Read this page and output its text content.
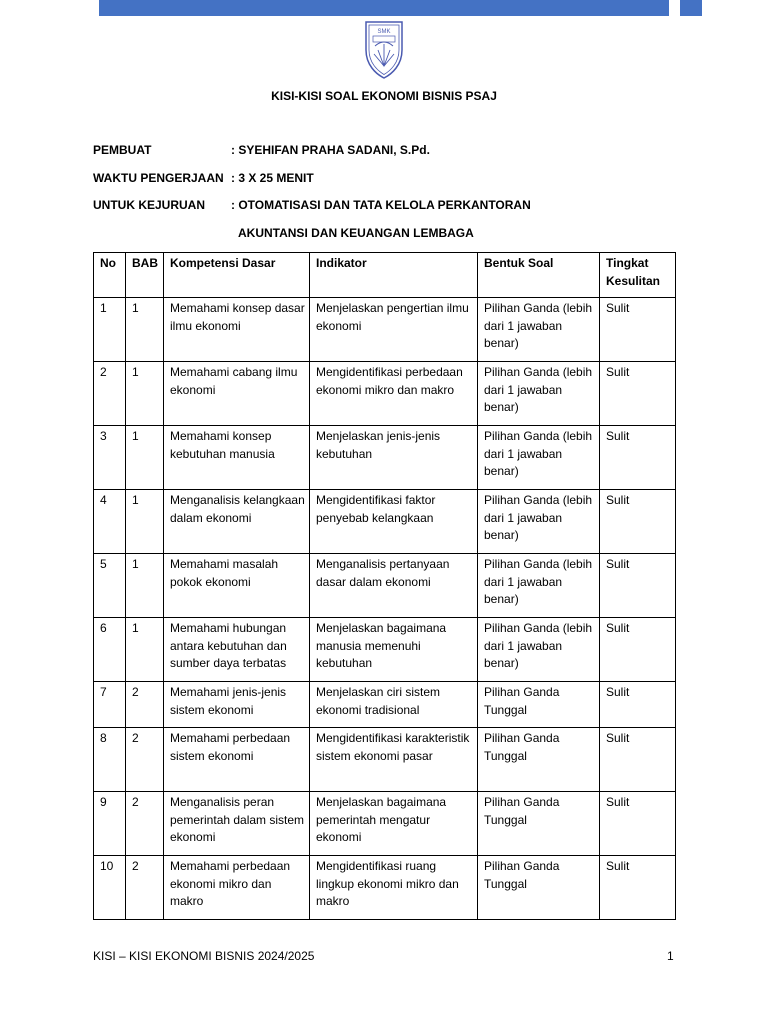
SMK
KISI-KISI SOAL EKONOMI BISNIS PSAJ
PEMBUAT	: SYEHIFAN PRAHA SADANI, S.Pd.
WAKTU PENGERJAAN : 3 X 25 MENIT
UNTUK KEJURUAN : OTOMATISASI DAN TATA KELOLA PERKANTORAN
AKUNTANSI DAN KEUANGAN LEMBAGA
No	BAB	Kompetensi Dasar	Indikator	Bentuk Soal	Tingkat Kesulitan
1	1	Memahami konsep dasar ilmu ekonomi	Menjelaskan pengertian ilmu ekonomi	Pilihan Ganda (lebih dari 1 jawaban benar)	Sulit
2	1	Memahami cabang ilmu ekonomi	Mengidentifikasi perbedaan ekonomi mikro dan makro	Pilihan Ganda (lebih dari 1 jawaban benar)	Sulit
3	1	Memahami konsep kebutuhan manusia	Menjelaskan jenis-jenis kebutuhan	Pilihan Ganda (lebih dari 1 jawaban benar)	Sulit
4	1	Menganalisis kelangkaan dalam ekonomi	Mengidentifikasi faktor penyebab kelangkaan	Pilihan Ganda (lebih dari 1 jawaban benar)	Sulit
5	1	Memahami masalah pokok ekonomi	Menganalisis pertanyaan dasar dalam ekonomi	Pilihan Ganda (lebih dari 1 jawaban benar)	Sulit
6	1	Memahami hubungan antara kebutuhan dan sumber daya terbatas	Menjelaskan bagaimana manusia memenuhi kebutuhan	Pilihan Ganda (lebih dari 1 jawaban benar)	Sulit
7	2	Memahami jenis-jenis sistem ekonomi	Menjelaskan ciri sistem ekonomi tradisional	Pilihan Ganda Tunggal	Sulit
8	2	Memahami perbedaan sistem ekonomi	Mengidentifikasi karakteristik sistem ekonomi pasar	Pilihan Ganda Tunggal	Sulit
9	2	Menganalisis peran pemerintah dalam sistem ekonomi	Menjelaskan bagaimana pemerintah mengatur ekonomi	Pilihan Ganda Tunggal	Sulit
10	2	Memahami perbedaan ekonomi mikro dan makro	Mengidentifikasi ruang lingkup ekonomi mikro dan makro	Pilihan Ganda Tunggal	Sulit
KISI – KISI EKONOMI BISNIS 2024/2025	1
